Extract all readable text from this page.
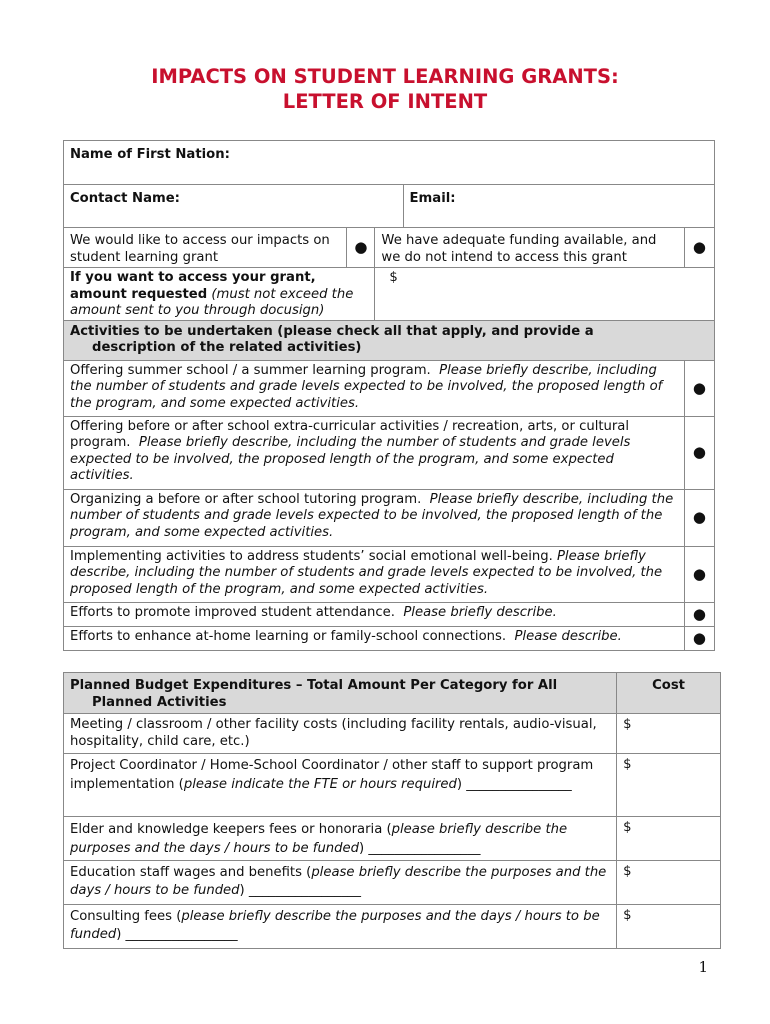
IMPACTS ON STUDENT LEARNING GRANTS:
LETTER OF INTENT
Name of First Nation:				
Contact Name:			Email:	
We would like to access our impacts on student learning grant	●	We have adequate funding available, and we do not intend to access this grant		●
If you want to access your grant, amount requested (must not exceed the amount sent to you through docusign)		$		

Activities to be undertaken (please check all that apply, and provide a
description of the related activities)				

Offering summer school / a summer learning program. Please briefly describe, including the number of students and grade levels expected to be involved, the proposed length of the program, and some expected activities.				●
Offering before or after school extra-curricular activities / recreation, arts, or cultural program. Please briefly describe, including the number of students and grade levels expected to be involved, the proposed length of the program, and some expected activities.				●
Organizing a before or after school tutoring program. Please briefly describe, including the number of students and grade levels expected to be involved, the proposed length of the program, and some expected activities.				●
Implementing activities to address students’ social emotional well-being. Please briefly describe, including the number of students and grade levels expected to be involved, the proposed length of the program, and some expected activities.				●
Efforts to promote improved student attendance. Please briefly describe.				●
Efforts to enhance at-home learning or family-school connections. Please describe.				●
Planned Budget Expenditures – Total Amount Per Category for All
Planned Activities	Cost
Meeting / classroom / other facility costs (including facility rentals, audio-visual, hospitality, child care, etc.)	$
Project Coordinator / Home-School Coordinator / other staff to support program implementation (please indicate the FTE or hours required) ________________	$
Elder and knowledge keepers fees or honoraria (please briefly describe the purposes and the days / hours to be funded) _________________	$
Education staff wages and benefits (please briefly describe the purposes and the days / hours to be funded) _________________	$
Consulting fees (please briefly describe the purposes and the days / hours to be funded) _________________	$
1
